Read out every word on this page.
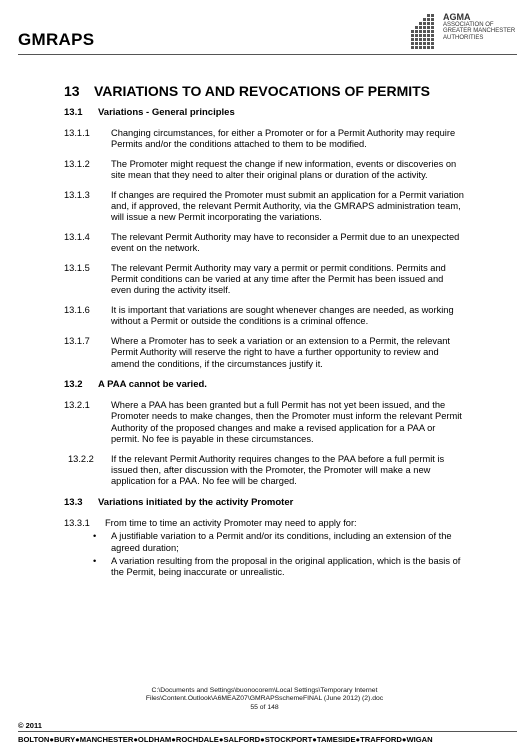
GMRAPS
AGMA
ASSOCIATION OF
GREATER MANCHESTER
AUTHORITIES
13 VARIATIONS TO AND REVOCATIONS OF PERMITS
13.1 Variations - General principles
13.1.1 Changing circumstances, for either a Promoter or for a Permit Authority may require Permits and/or the conditions attached to them to be modified.
13.1.2 The Promoter might request the change if new information, events or discoveries on site mean that they need to alter their original plans or duration of the activity.
13.1.3 If changes are required the Promoter must submit an application for a Permit variation and, if approved, the relevant Permit Authority, via the GMRAPS administration team, will issue a new Permit incorporating the variations.
13.1.4 The relevant Permit Authority may have to reconsider a Permit due to an unexpected event on the network.
13.1.5 The relevant Permit Authority may vary a permit or permit conditions. Permits and Permit conditions can be varied at any time after the Permit has been issued and even during the activity itself.
13.1.6 It is important that variations are sought whenever changes are needed, as working without a Permit or outside the conditions is a criminal offence.
13.1.7 Where a Promoter has to seek a variation or an extension to a Permit, the relevant Permit Authority will reserve the right to have a further opportunity to review and amend the conditions, if the circumstances justify it.
13.2 A PAA cannot be varied.
13.2.1 Where a PAA has been granted but a full Permit has not yet been issued, and the Promoter needs to make changes, then the Promoter must inform the relevant Permit Authority of the proposed changes and make a revised application for a PAA or permit. No fee is payable in these circumstances.
13.2.2 If the relevant Permit Authority requires changes to the PAA before a full permit is issued then, after discussion with the Promoter, the Promoter will make a new application for a PAA. No fee will be charged.
13.3 Variations initiated by the activity Promoter
13.3.1 From time to time an activity Promoter may need to apply for:
• A justifiable variation to a Permit and/or its conditions, including an extension of the agreed duration;
• A variation resulting from the proposal in the original application, which is the basis of the Permit, being inaccurate or unrealistic.
C:\Documents and Settings\buonocorem\Local Settings\Temporary Internet
Files\Content.Outlook\A6MEAZ07\GMRAPSschemeFINAL (June 2012) (2).doc
55 of 148
© 2011
BOLTON●BURY●MANCHESTER●OLDHAM●ROCHDALE●SALFORD●STOCKPORT●TAMESIDE●TRAFFORD●WIGAN
